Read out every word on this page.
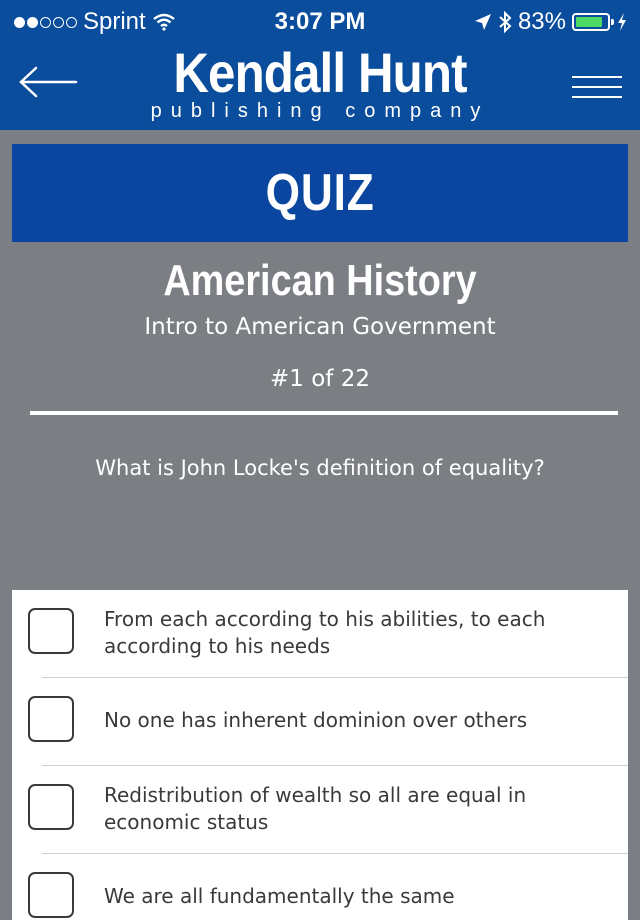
Sprint	3:07 PM	83%
Kendall Hunt
publishing company
QUIZ
American History
Intro to American Government
#1 of 22
What is John Locke's definition of equality?
From each according to his abilities, to each according to his needs
No one has inherent dominion over others
Redistribution of wealth so all are equal in economic status
We are all fundamentally the same
